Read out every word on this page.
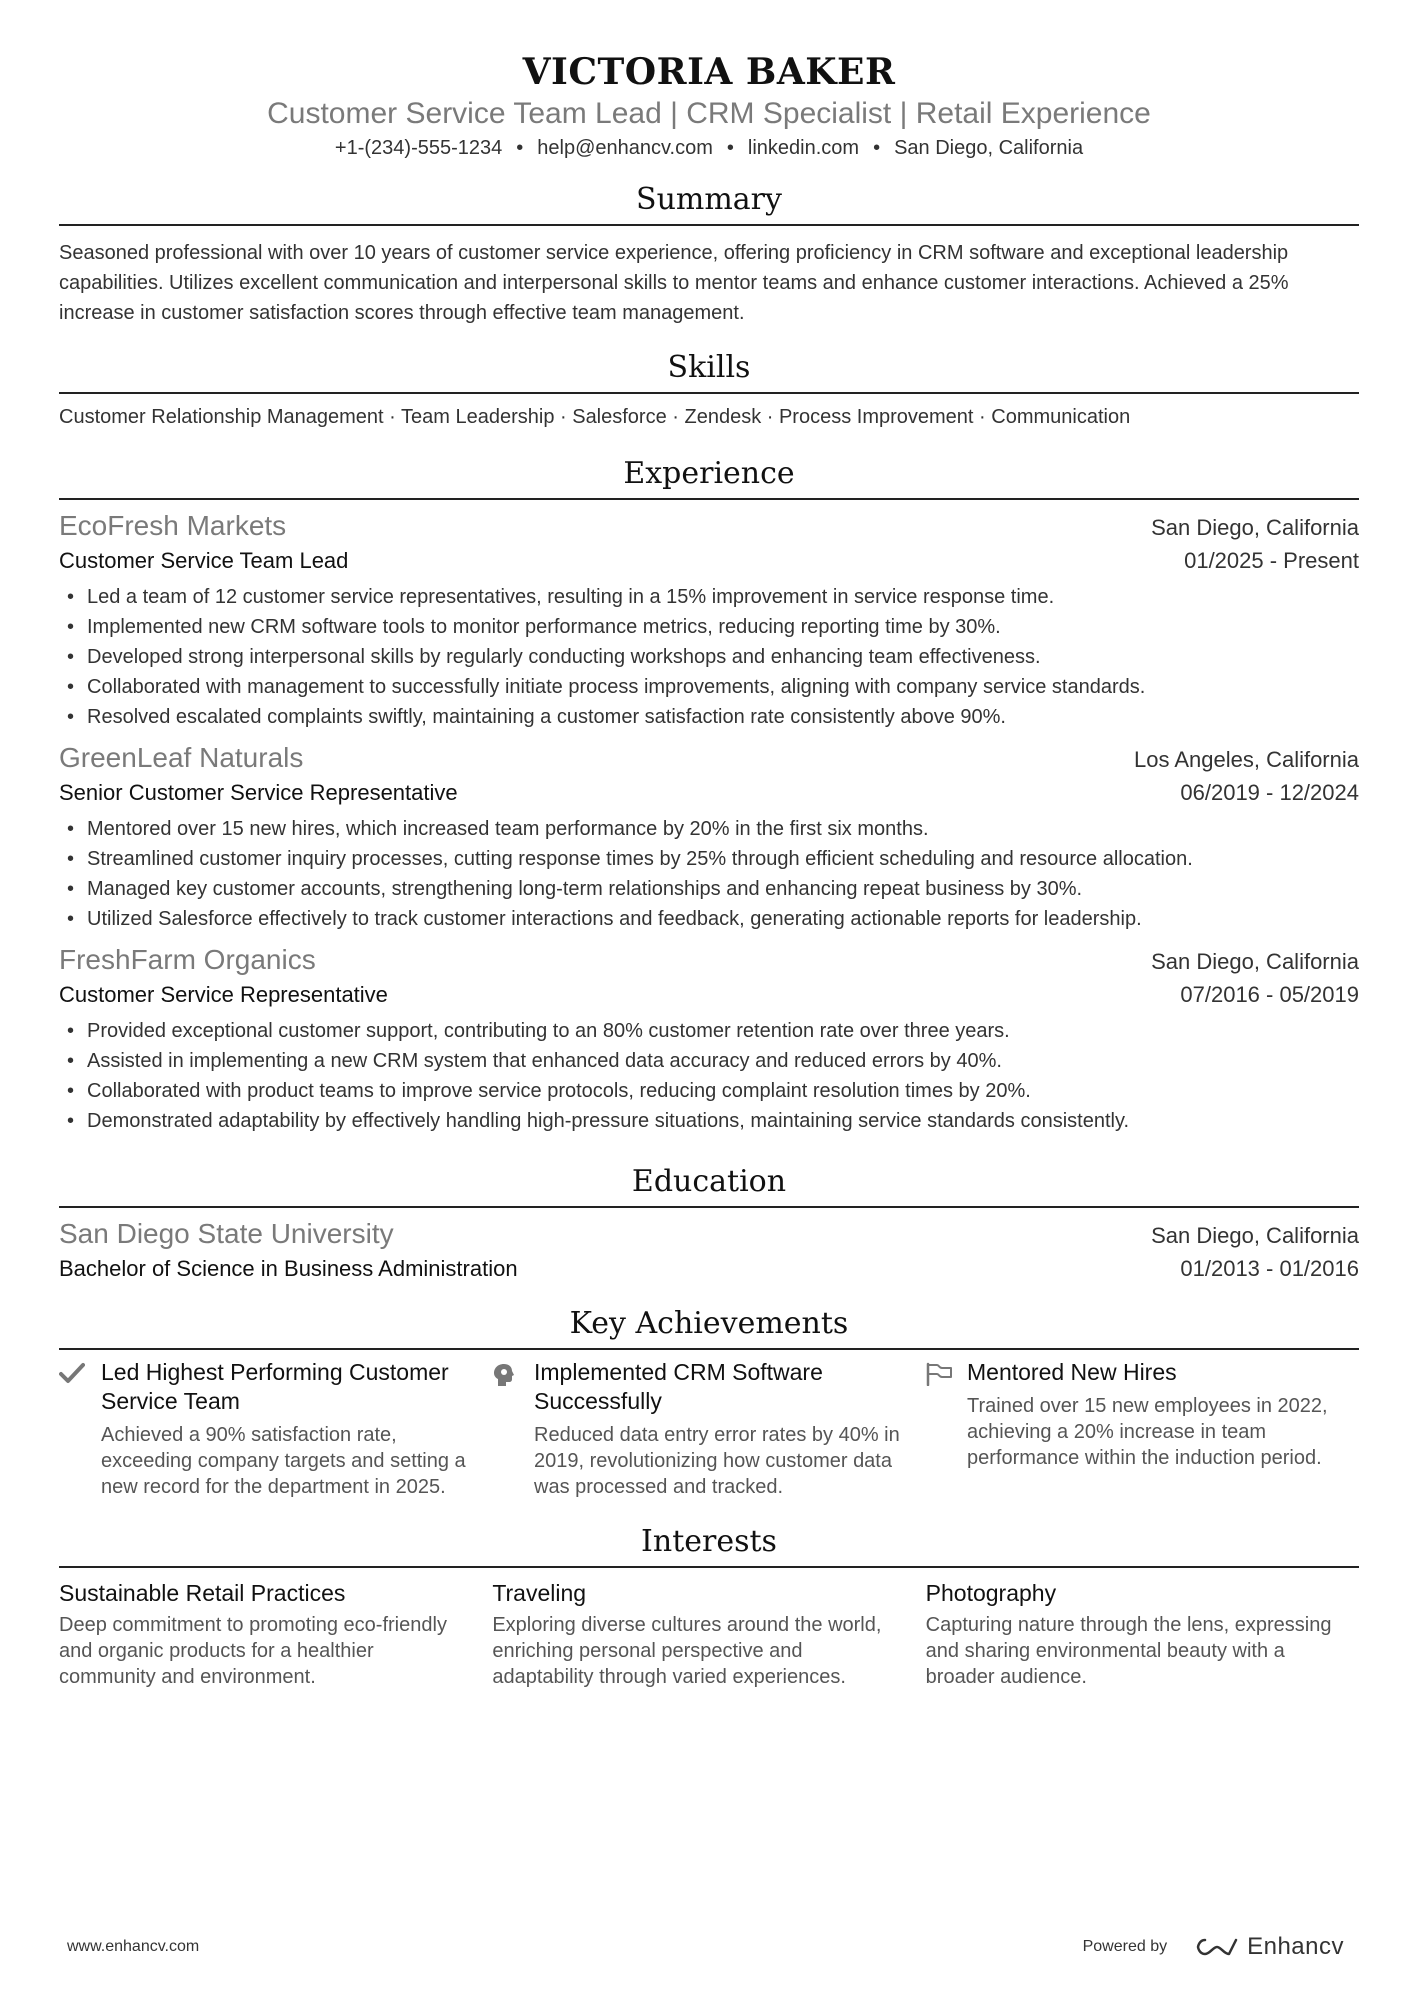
VICTORIA BAKER
Customer Service Team Lead | CRM Specialist | Retail Experience
+1-(234)-555-1234 • help@enhancv.com • linkedin.com • San Diego, California
Summary
Seasoned professional with over 10 years of customer service experience, offering proficiency in CRM software and exceptional leadership capabilities. Utilizes excellent communication and interpersonal skills to mentor teams and enhance customer interactions. Achieved a 25% increase in customer satisfaction scores through effective team management.
Skills
Customer Relationship Management · Team Leadership · Salesforce · Zendesk · Process Improvement · Communication
Experience
EcoFresh Markets	San Diego, California
Customer Service Team Lead	01/2025 - Present
• Led a team of 12 customer service representatives, resulting in a 15% improvement in service response time.
• Implemented new CRM software tools to monitor performance metrics, reducing reporting time by 30%.
• Developed strong interpersonal skills by regularly conducting workshops and enhancing team effectiveness.
• Collaborated with management to successfully initiate process improvements, aligning with company service standards.
• Resolved escalated complaints swiftly, maintaining a customer satisfaction rate consistently above 90%.
GreenLeaf Naturals	Los Angeles, California
Senior Customer Service Representative	06/2019 - 12/2024
• Mentored over 15 new hires, which increased team performance by 20% in the first six months.
• Streamlined customer inquiry processes, cutting response times by 25% through efficient scheduling and resource allocation.
• Managed key customer accounts, strengthening long-term relationships and enhancing repeat business by 30%.
• Utilized Salesforce effectively to track customer interactions and feedback, generating actionable reports for leadership.
FreshFarm Organics	San Diego, California
Customer Service Representative	07/2016 - 05/2019
• Provided exceptional customer support, contributing to an 80% customer retention rate over three years.
• Assisted in implementing a new CRM system that enhanced data accuracy and reduced errors by 40%.
• Collaborated with product teams to improve service protocols, reducing complaint resolution times by 20%.
• Demonstrated adaptability by effectively handling high-pressure situations, maintaining service standards consistently.
Education
San Diego State University	San Diego, California
Bachelor of Science in Business Administration	01/2013 - 01/2016
Key Achievements
Led Highest Performing Customer Service Team
Achieved a 90% satisfaction rate, exceeding company targets and setting a new record for the department in 2025.
Implemented CRM Software Successfully
Reduced data entry error rates by 40% in 2019, revolutionizing how customer data was processed and tracked.
Mentored New Hires
Trained over 15 new employees in 2022, achieving a 20% increase in team performance within the induction period.
Interests
Sustainable Retail Practices
Deep commitment to promoting eco-friendly and organic products for a healthier community and environment.
Traveling
Exploring diverse cultures around the world, enriching personal perspective and adaptability through varied experiences.
Photography
Capturing nature through the lens, expressing and sharing environmental beauty with a broader audience.
www.enhancv.com	Powered by	Enhancv
